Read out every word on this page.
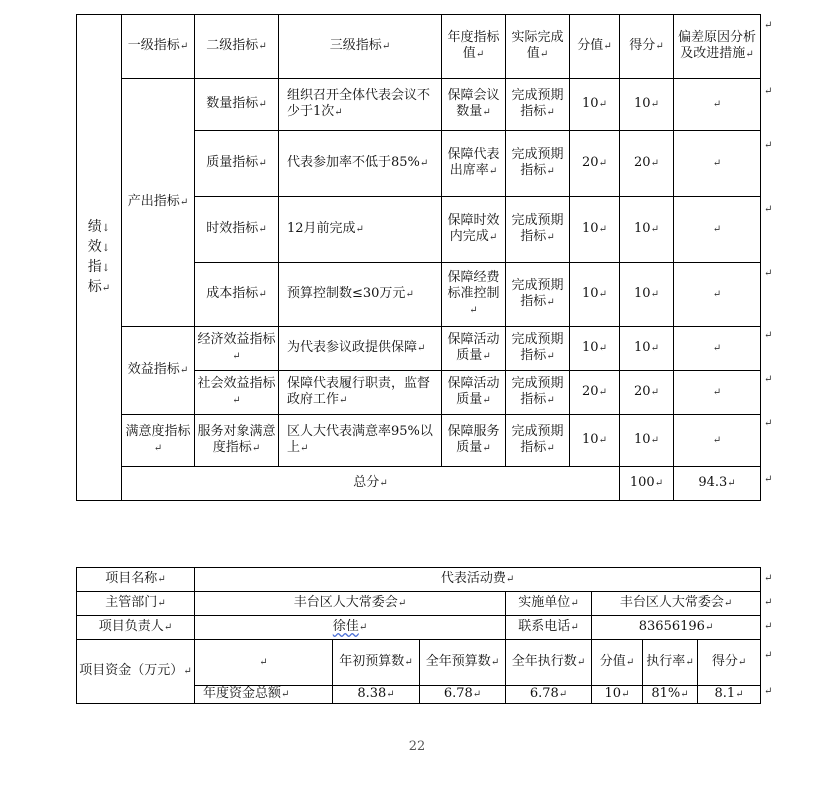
绩↓
效↓
指↓
标↵	一级指标↵	二级指标↵	三级指标↵	年度指标值↵	实际完成值↵	分值↵	得分↵	偏差原因分析及改进措施↵	
	产出指标↵	数量指标↵	组织召开全体代表会议不少于1次↵	保障会议数量↵	完成预期指标↵	10↵	10↵	↵	
		质量指标↵	代表参加率不低于85%↵	保障代表出席率↵	完成预期指标↵	20↵	20↵	↵	
		时效指标↵	12月前完成↵	保障时效内完成↵	完成预期指标↵	10↵	10↵	↵	
		成本指标↵	预算控制数≤30万元↵	保障经费标准控制↵	完成预期指标↵	10↵	10↵	↵	
	效益指标↵	经济效益指标↵	为代表参议政提供保障↵	保障活动质量↵	完成预期指标↵	10↵	10↵	↵	
		社会效益指标↵	保障代表履行职责，监督政府工作↵	保障活动质量↵	完成预期指标↵	20↵	20↵	↵	
	满意度指标↵	服务对象满意度指标↵	区人大代表满意率95%以上↵	保障服务质量↵	完成预期指标↵	10↵	10↵	↵	
	总分↵						100↵	94.3↵	
项目名称↵	代表活动费↵						
主管部门↵	丰台区人大常委会↵			实施单位↵	丰台区人大常委会↵		
项目负责人↵	徐佳↵			联系电话↵	83656196↵		
项目资金（万元）↵	↵	年初预算数↵	全年预算数↵	全年执行数↵	分值↵	执行率↵	得分↵
	年度资金总额↵	8.38↵	6.78↵	6.78↵	10↵	81%↵	8.1↵
↵
↵
↵
↵
↵
↵
↵
↵
↵
↵
↵
↵
↵
↵
22
